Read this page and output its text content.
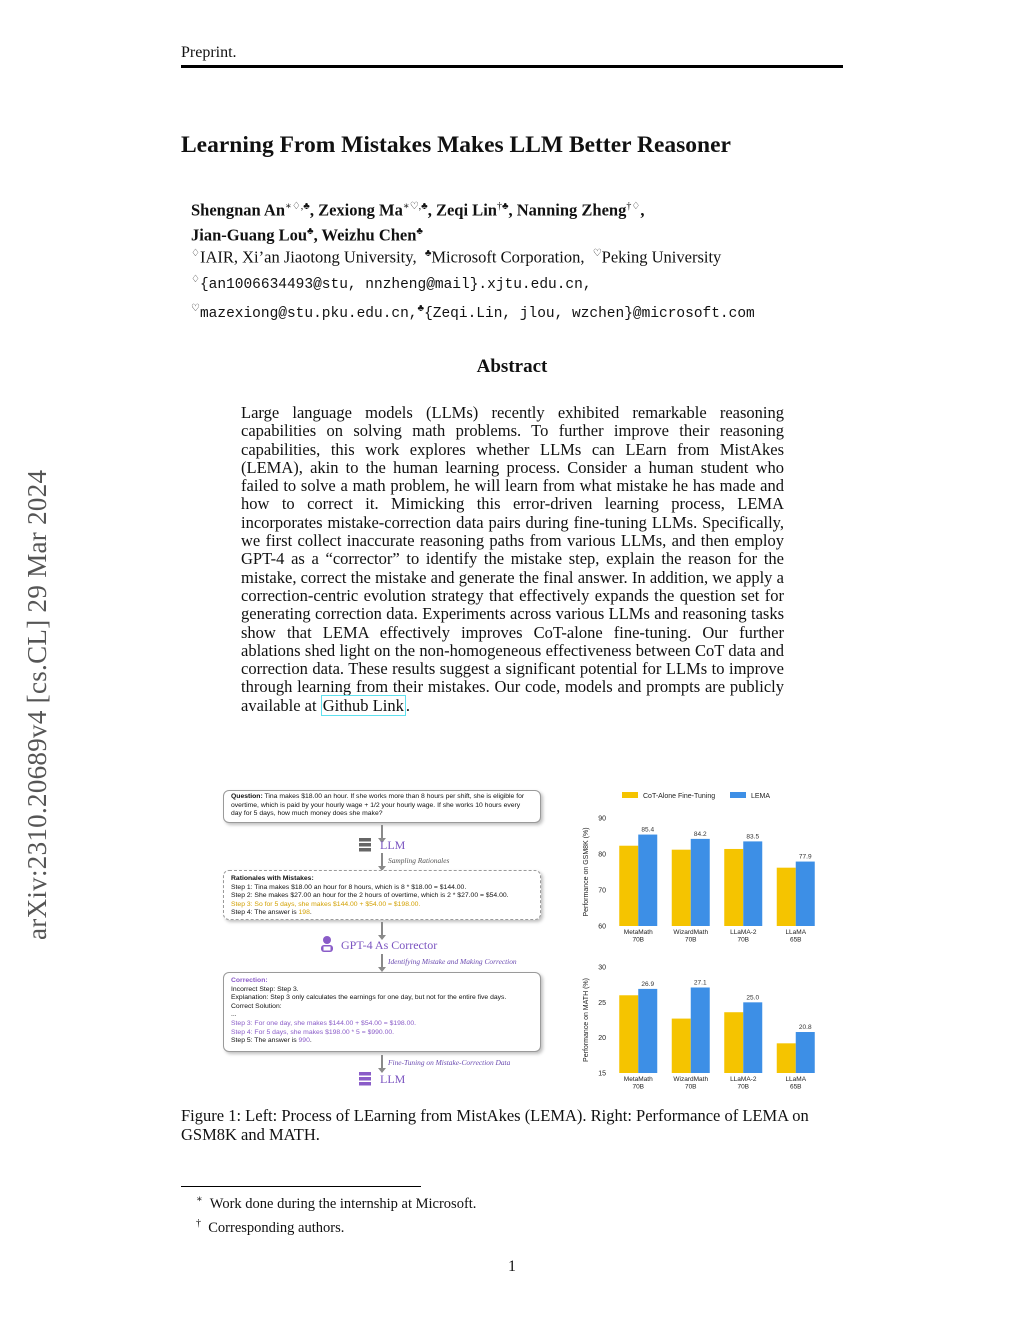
Preprint.
arXiv:2310.20689v4 [cs.CL] 29 Mar 2024
Learning From Mistakes Makes LLM Better Reasoner
Shengnan An∗♢,♣, Zexiong Ma∗♡,♣, Zeqi Lin†♣, Nanning Zheng†♢,
Jian-Guang Lou♣, Weizhu Chen♣
♢IAIR, Xi’an Jiaotong University, ♣Microsoft Corporation, ♡Peking University
♢{an1006634493@stu, nnzheng@mail}.xjtu.edu.cn,
♡mazexiong@stu.pku.edu.cn,♣{Zeqi.Lin, jlou, wzchen}@microsoft.com
Abstract
Large language models (LLMs) recently exhibited remarkable reasoning capabilities on solving math problems. To further improve their reasoning capabilities, this work explores whether LLMs can LEarn from MistAkes (LEMA), akin to the human learning process. Consider a human student who failed to solve a math problem, he will learn from what mistake he has made and how to correct it. Mimicking this error-driven learning process, LEMA incorporates mistake-correction data pairs during fine-tuning LLMs. Specifically, we first collect inaccurate reasoning paths from various LLMs, and then employ GPT-4 as a “corrector” to identify the mistake step, explain the reason for the mistake, correct the mistake and generate the final answer. In addition, we apply a correction-centric evolution strategy that effectively expands the question set for generating correction data. Experiments across various LLMs and reasoning tasks show that LEMA effectively improves CoT-alone fine-tuning. Our further ablations shed light on the non-homogeneous effectiveness between CoT data and correction data. These results suggest a significant potential for LLMs to improve through learning from their mistakes. Our code, models and prompts are publicly available at Github Link .
Question: Tina makes $18.00 an hour. If she works more than 8 hours per shift, she is eligible for overtime, which is paid by your hourly wage + 1/2 your hourly wage. If she works 10 hours every day for 5 days, how much money does she make?
LLM
Sampling Rationales
Rationales with Mistakes:
Step 1: Tina makes $18.00 an hour for 8 hours, which is 8 * $18.00 = $144.00.
Step 2: She makes $27.00 an hour for the 2 hours of overtime, which is 2 * $27.00 = $54.00.
Step 3: So for 5 days, she makes $144.00 + $54.00 = $198.00.
Step 4: The answer is 198.
GPT-4 As Corrector
Identifying Mistake and Making Correction
Correction:
Incorrect Step: Step 3.
Explanation: Step 3 only calculates the earnings for one day, but not for the entire five days.
Correct Solution:
...
Step 3: For one day, she makes $144.00 + $54.00 = $198.00.
Step 4: For 5 days, she makes $198.00 * 5 = $990.00.
Step 5: The answer is 990.
Fine-Tuning on Mistake-Correction Data
LLM
CoT-Alone Fine-Tuning	LEMA
60
70
80
90
Performance on GSM8K (%)	85.4
MetaMath
70B
84.2
WizardMath
70B
83.5
LLaMA-2
70B
77.9
LLaMA
65B
15
20
25
30
Performance on MATH (%)	26.9
MetaMath
70B
27.1
WizardMath
70B
25.0
LLaMA-2
70B
20.8
LLaMA
65B
Figure 1: Left: Process of LEarning from MistAkes (LEMA). Right: Performance of LEMA on GSM8K and MATH.
∗ Work done during the internship at Microsoft.
† Corresponding authors.
1
